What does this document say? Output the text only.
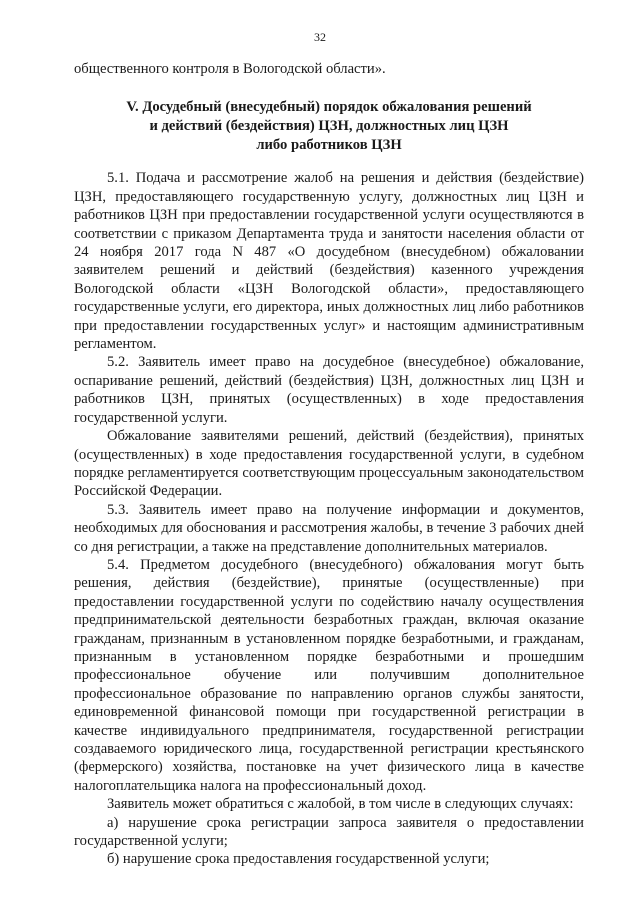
32

общественного контроля в Вологодской области».

V. Досудебный (внесудебный) порядок обжалования решений
и действий (бездействия) ЦЗН, должностных лиц ЦЗН
либо работников ЦЗН

5.1. Подача и рассмотрение жалоб на решения и действия (бездействие) ЦЗН, предоставляющего государственную услугу, должностных лиц ЦЗН и работников ЦЗН при предоставлении государственной услуги осуществляются в соответствии с приказом Департамента труда и занятости населения области от 24 ноября 2017 года N 487 «О досудебном (внесудебном) обжаловании заявителем решений и действий (бездействия) казенного учреждения Вологодской области «ЦЗН Вологодской области», предоставляющего государственные услуги, его директора, иных должностных лиц либо работников при предоставлении государственных услуг» и настоящим административным регламентом.

5.2. Заявитель имеет право на досудебное (внесудебное) обжалование, оспаривание решений, действий (бездействия) ЦЗН, должностных лиц ЦЗН и работников ЦЗН, принятых (осуществленных) в ходе предоставления государственной услуги.

Обжалование заявителями решений, действий (бездействия), принятых (осуществленных) в ходе предоставления государственной услуги, в судебном порядке регламентируется соответствующим процессуальным законодательством Российской Федерации.

5.3. Заявитель имеет право на получение информации и документов, необходимых для обоснования и рассмотрения жалобы, в течение 3 рабочих дней со дня регистрации, а также на представление дополнительных материалов.

5.4. Предметом досудебного (внесудебного) обжалования могут быть решения, действия (бездействие), принятые (осуществленные) при предоставлении государственной услуги по содействию началу осуществления предпринимательской деятельности безработных граждан, включая оказание гражданам, признанным в установленном порядке безработными, и гражданам, признанным в установленном порядке безработными и прошедшим профессиональное обучение или получившим дополнительное профессиональное образование по направлению органов службы занятости, единовременной финансовой помощи при государственной регистрации в качестве индивидуального предпринимателя, государственной регистрации создаваемого юридического лица, государственной регистрации крестьянского (фермерского) хозяйства, постановке на учет физического лица в качестве налогоплательщика налога на профессиональный доход.

Заявитель может обратиться с жалобой, в том числе в следующих случаях:

а) нарушение срока регистрации запроса заявителя о предоставлении государственной услуги;

б) нарушение срока предоставления государственной услуги;
